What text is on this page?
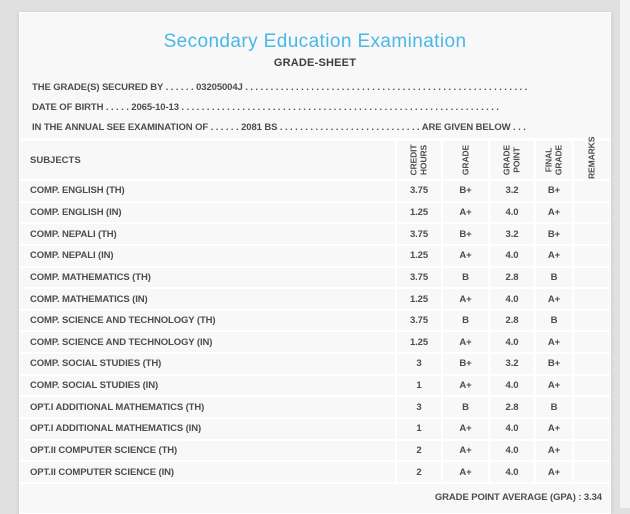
Secondary Education Examination
GRADE-SHEET
THE GRADE(S) SECURED BY . . . . . . 03205004J . . . . . . . . . . . . . . . . . . . . . . . . . . . . . . . . . . . . . . . . . . . . . . . . . . . . . . . .
DATE OF BIRTH . . . . . 2065-10-13 . . . . . . . . . . . . . . . . . . . . . . . . . . . . . . . . . . . . . . . . . . . . . . . . . . . . . . . . . . . . . . .
IN THE ANNUAL SEE EXAMINATION OF . . . . . . 2081 BS . . . . . . . . . . . . . . . . . . . . . . . . . . . . ARE GIVEN BELOW . . .
SUBJECTS	CREDIT HOURS	GRADE	GRADE POINT	FINAL GRADE	REMARKS
COMP. ENGLISH (TH)	3.75	B+	3.2	B+
COMP. ENGLISH (IN)	1.25	A+	4.0	A+
COMP. NEPALI (TH)	3.75	B+	3.2	B+
COMP. NEPALI (IN)	1.25	A+	4.0	A+
COMP. MATHEMATICS (TH)	3.75	B	2.8	B
COMP. MATHEMATICS (IN)	1.25	A+	4.0	A+
COMP. SCIENCE AND TECHNOLOGY (TH)	3.75	B	2.8	B
COMP. SCIENCE AND TECHNOLOGY (IN)	1.25	A+	4.0	A+
COMP. SOCIAL STUDIES (TH)	3	B+	3.2	B+
COMP. SOCIAL STUDIES (IN)	1	A+	4.0	A+
OPT.I ADDITIONAL MATHEMATICS (TH)	3	B	2.8	B
OPT.I ADDITIONAL MATHEMATICS (IN)	1	A+	4.0	A+
OPT.II COMPUTER SCIENCE (TH)	2	A+	4.0	A+
OPT.II COMPUTER SCIENCE (IN)	2	A+	4.0	A+
GRADE POINT AVERAGE (GPA) : 3.34
